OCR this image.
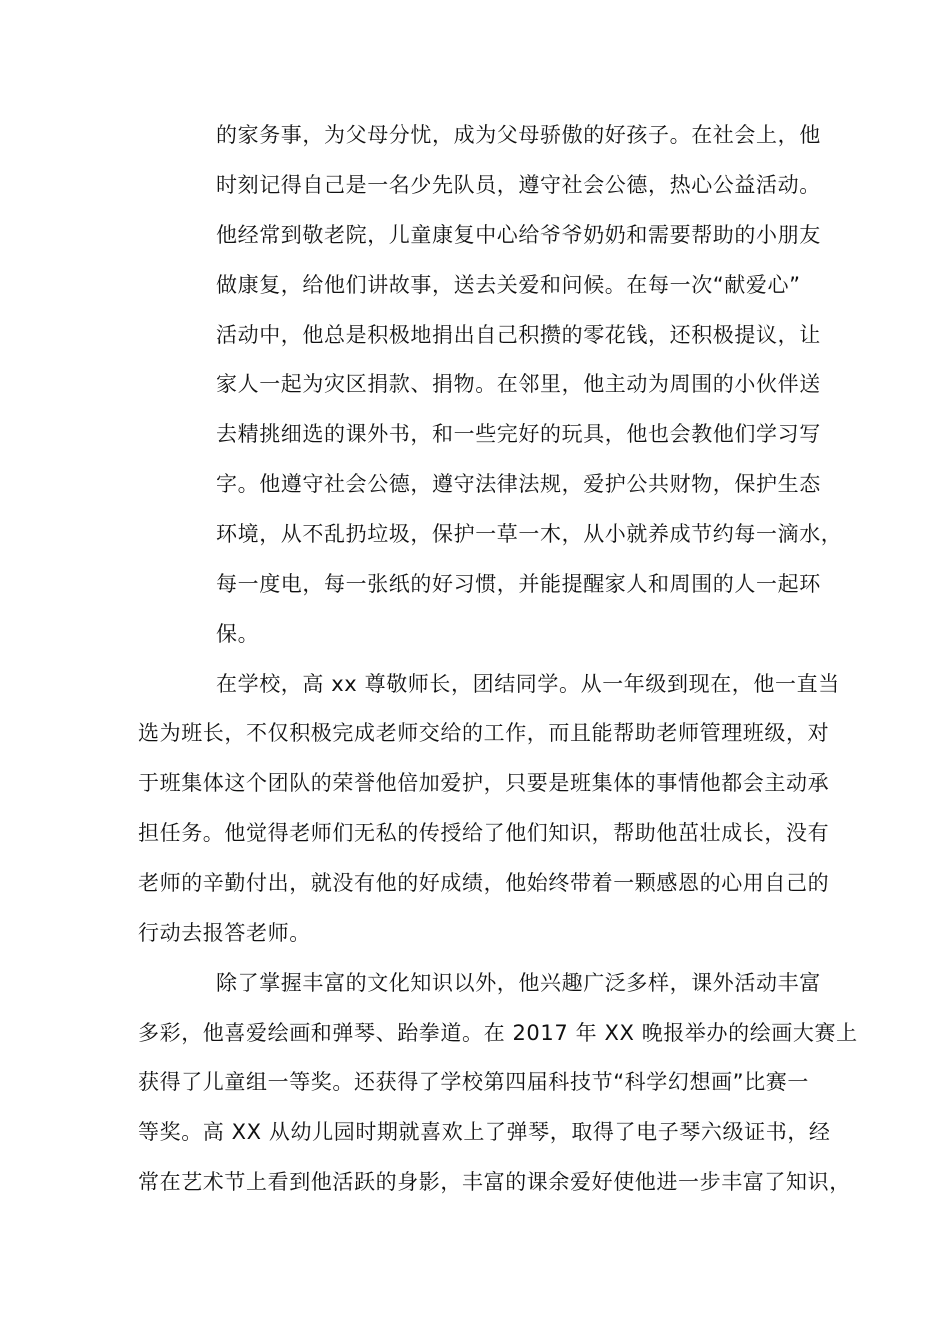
的家务事，为父母分忧，成为父母骄傲的好孩子。在社会上，他
时刻记得自己是一名少先队员，遵守社会公德，热心公益活动。
他经常到敬老院，儿童康复中心给爷爷奶奶和需要帮助的小朋友
做康复，给他们讲故事，送去关爱和问候。在每一次“献爱心”
活动中，他总是积极地捐出自己积攒的零花钱，还积极提议，让
家人一起为灾区捐款、捐物。在邻里，他主动为周围的小伙伴送
去精挑细选的课外书，和一些完好的玩具，他也会教他们学习写
字。他遵守社会公德，遵守法律法规，爱护公共财物，保护生态
环境，从不乱扔垃圾，保护一草一木，从小就养成节约每一滴水，
每一度电，每一张纸的好习惯，并能提醒家人和周围的人一起环
保。
在学校，高 xx 尊敬师长，团结同学。从一年级到现在，他一直当
选为班长，不仅积极完成老师交给的工作，而且能帮助老师管理班级，对
于班集体这个团队的荣誉他倍加爱护，只要是班集体的事情他都会主动承
担任务。他觉得老师们无私的传授给了他们知识，帮助他茁壮成长，没有
老师的辛勤付出，就没有他的好成绩，他始终带着一颗感恩的心用自己的
行动去报答老师。
除了掌握丰富的文化知识以外，他兴趣广泛多样，课外活动丰富
多彩，他喜爱绘画和弹琴、跆拳道。在 2017 年 XX 晚报举办的绘画大赛上
获得了儿童组一等奖。还获得了学校第四届科技节“科学幻想画”比赛一
等奖。高 XX 从幼儿园时期就喜欢上了弹琴，取得了电子琴六级证书，经
常在艺术节上看到他活跃的身影，丰富的课余爱好使他进一步丰富了知识，
